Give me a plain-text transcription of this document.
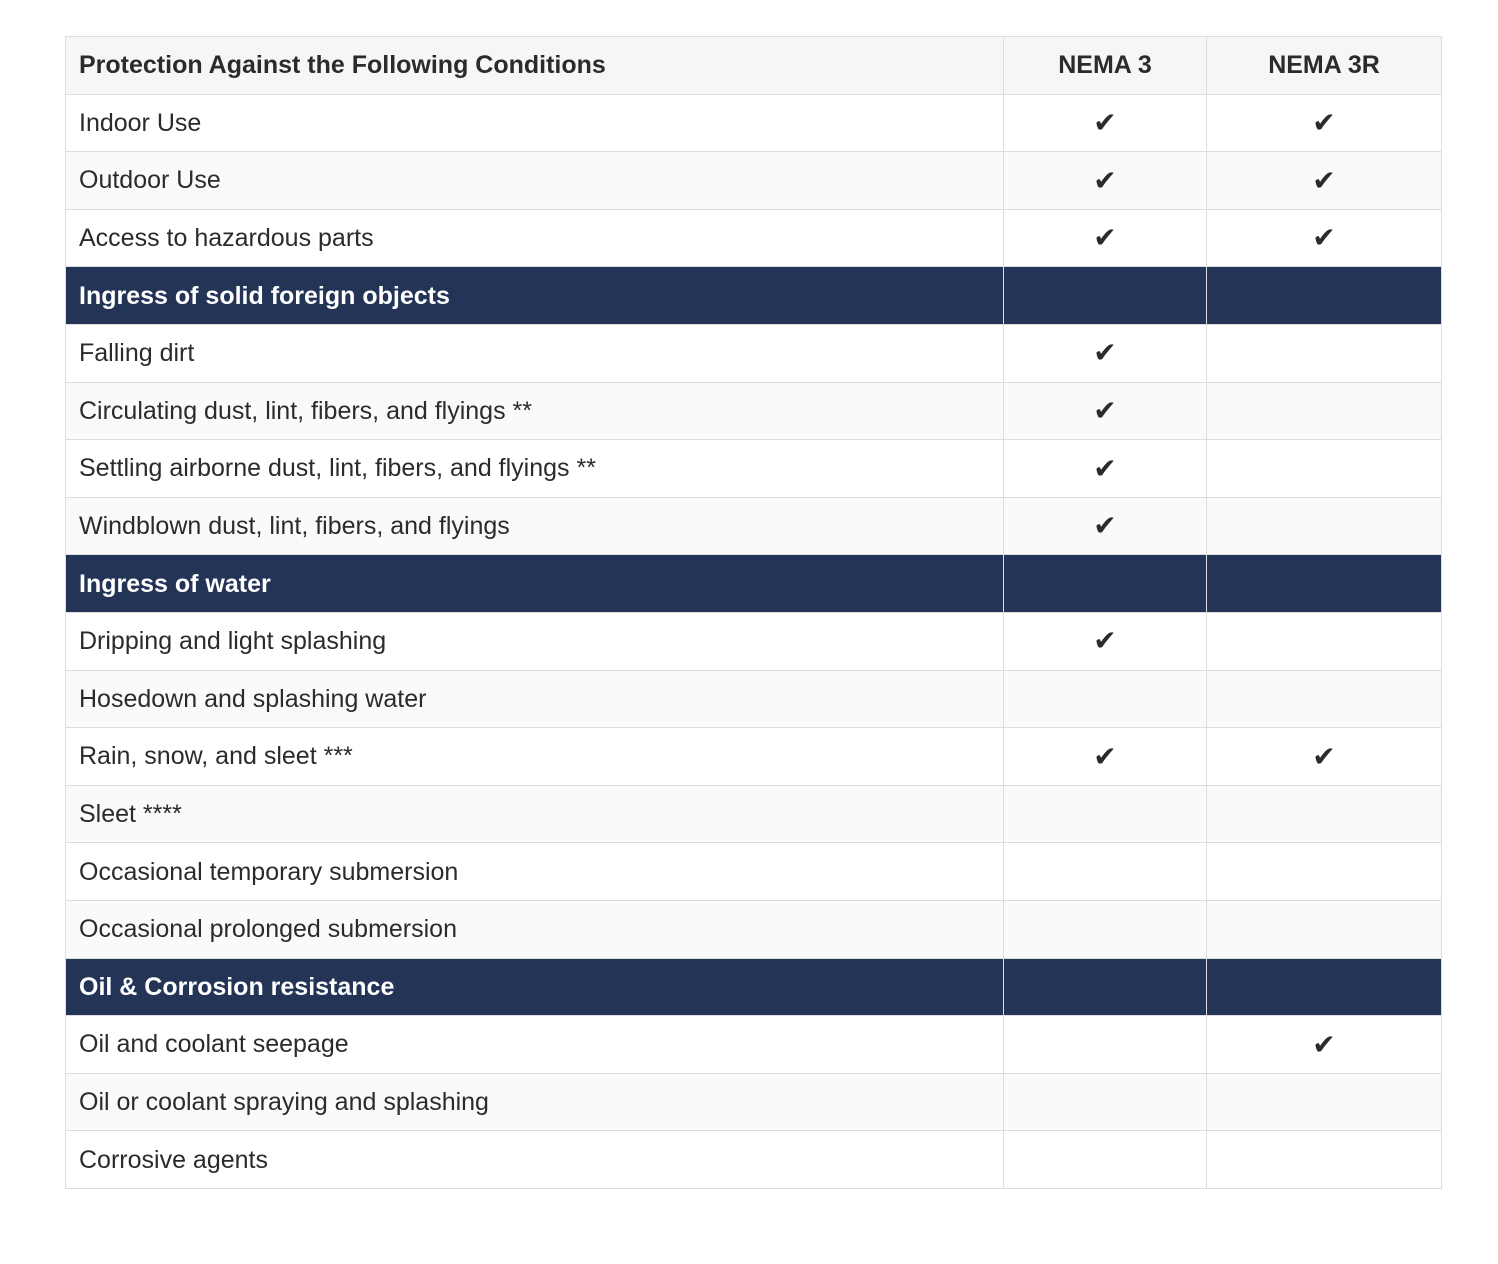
Protection Against the Following Conditions	NEMA 3	NEMA 3R
Indoor Use	✔	✔
Outdoor Use	✔	✔
Access to hazardous parts	✔	✔
Ingress of solid foreign objects		
Falling dirt	✔	
Circulating dust, lint, fibers, and flyings **	✔	
Settling airborne dust, lint, fibers, and flyings **	✔	
Windblown dust, lint, fibers, and flyings	✔	
Ingress of water		
Dripping and light splashing	✔	
Hosedown and splashing water		
Rain, snow, and sleet ***	✔	✔
Sleet ****		
Occasional temporary submersion		
Occasional prolonged submersion		
Oil & Corrosion resistance		
Oil and coolant seepage		✔
Oil or coolant spraying and splashing		
Corrosive agents		
